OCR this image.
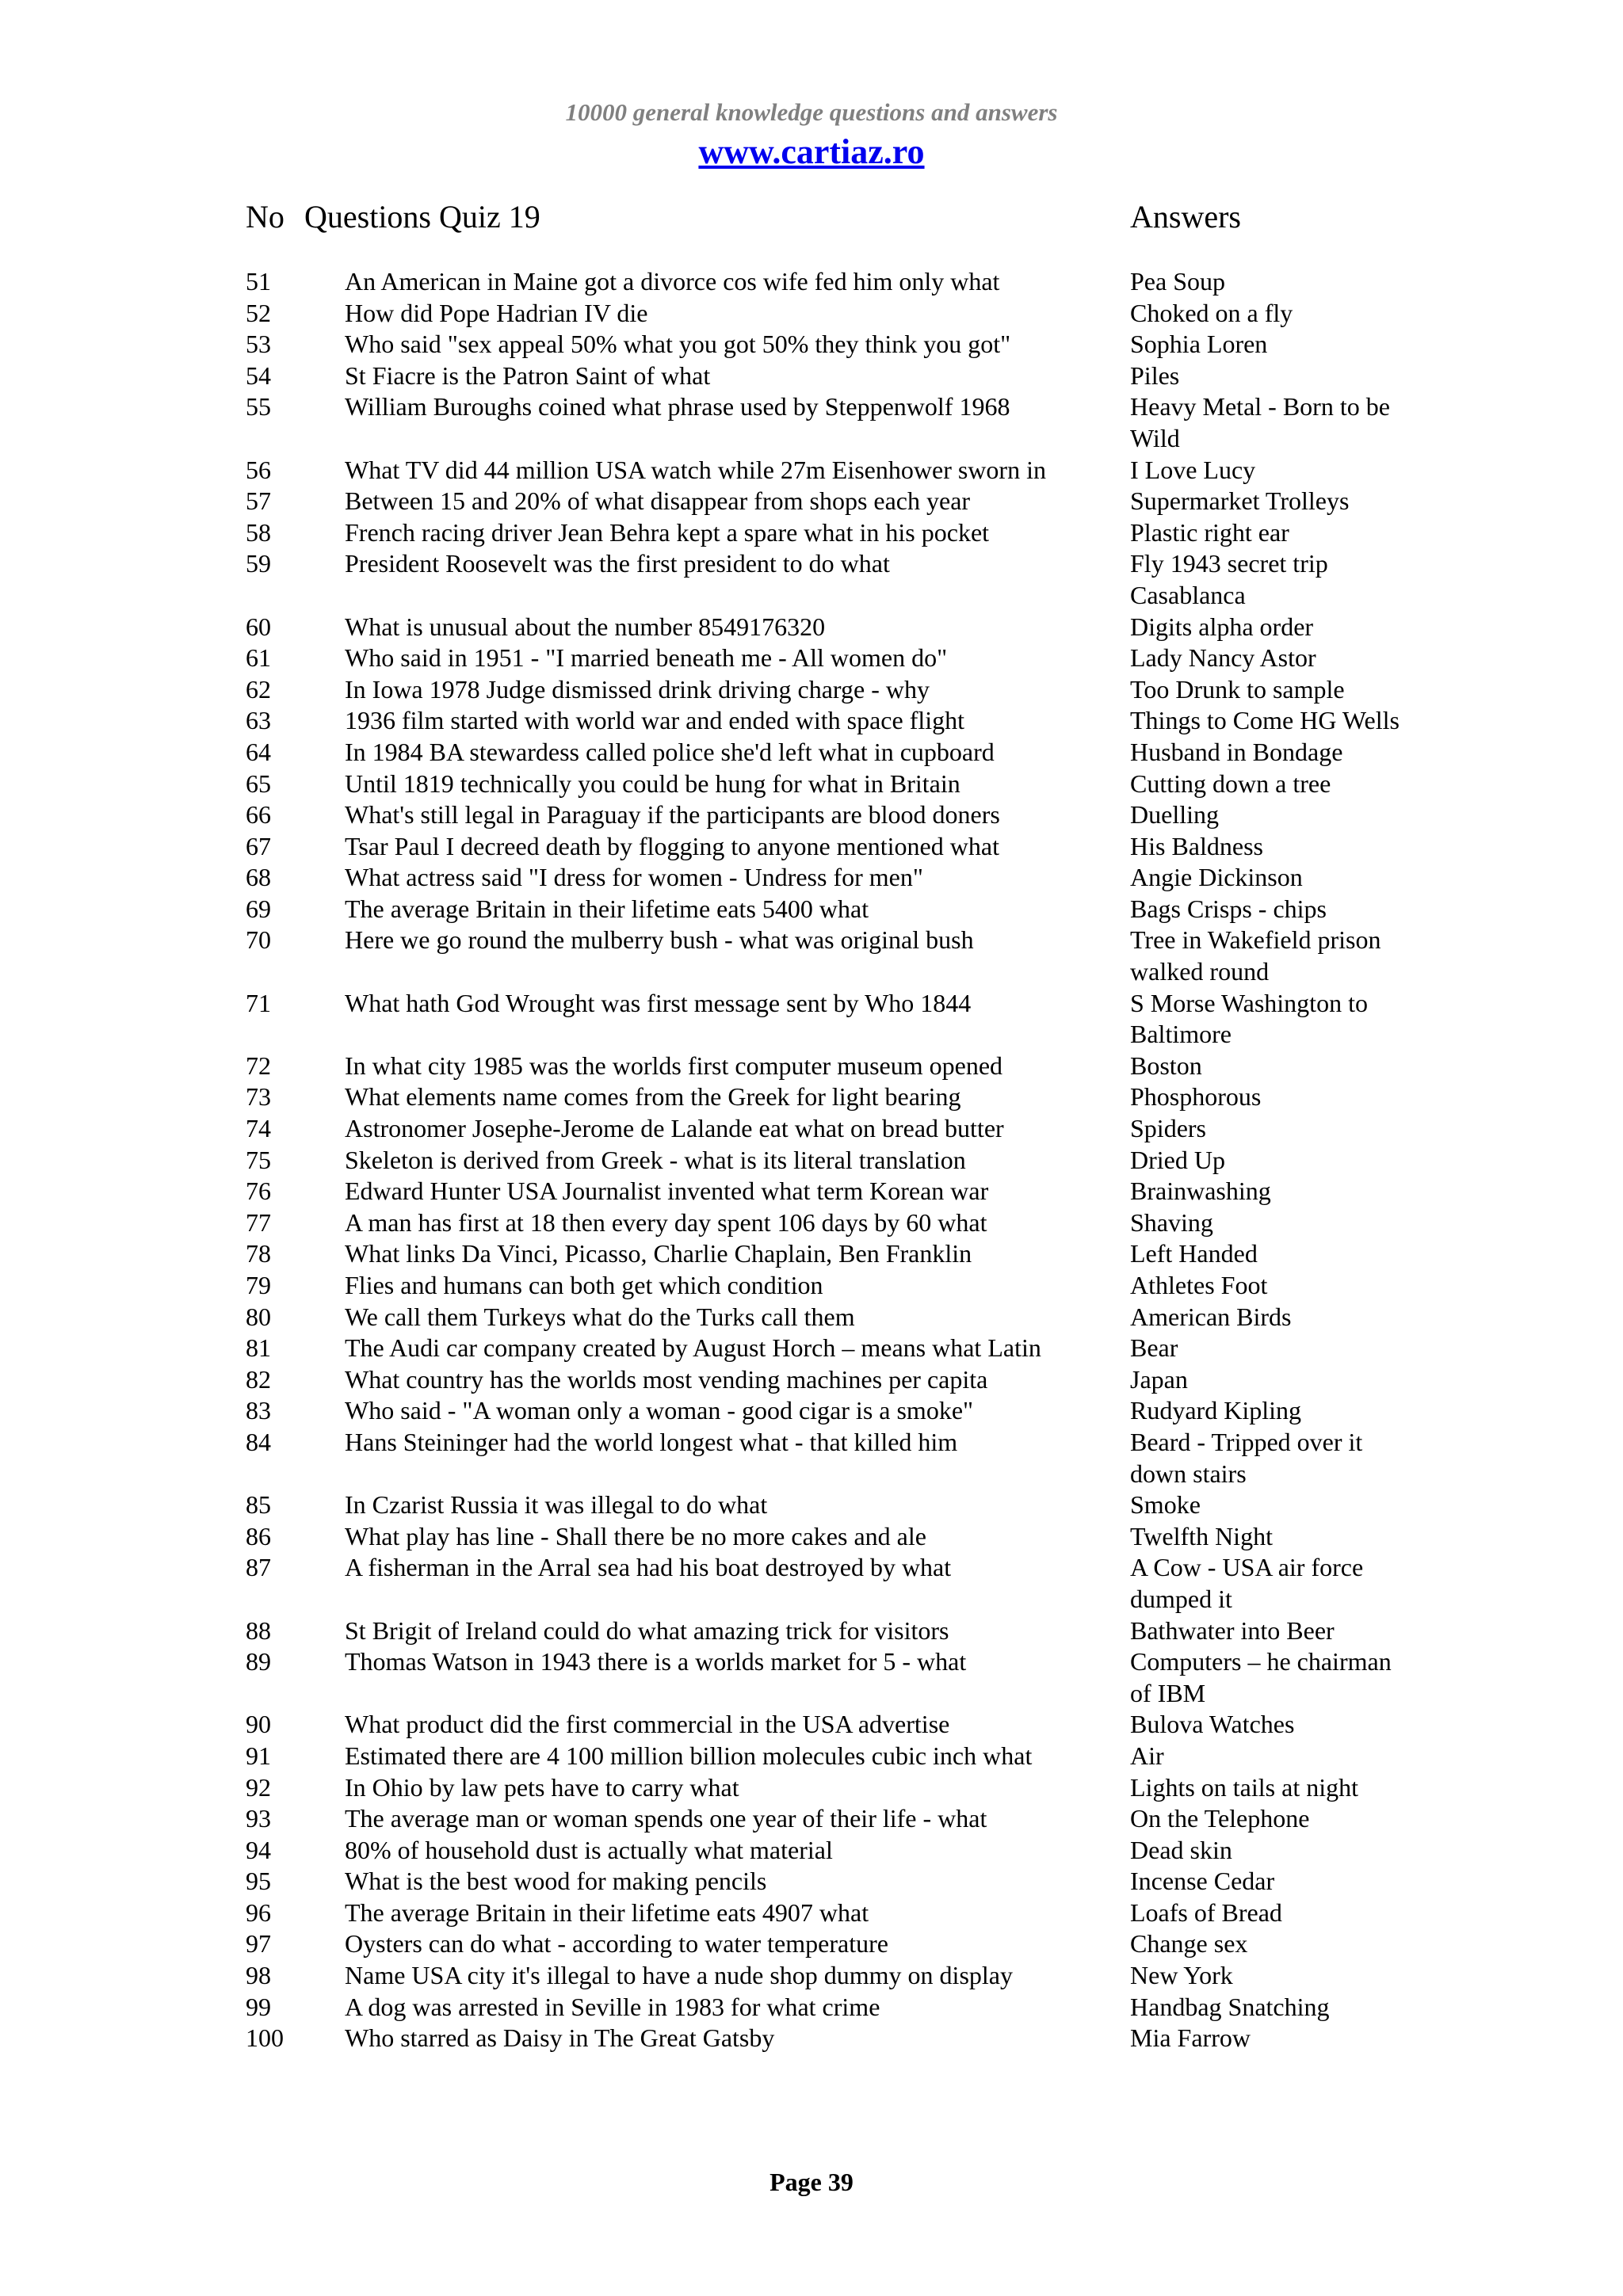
10000 general knowledge questions and answers
www.cartiaz.ro
No Questions Quiz 19	Answers
51	An American in Maine got a divorce cos wife fed him only what	Pea Soup
52	How did Pope Hadrian IV die	Choked on a fly
53	Who said "sex appeal 50% what you got 50% they think you got"	Sophia Loren
54	St Fiacre is the Patron Saint of what	Piles
55	William Buroughs coined what phrase used by Steppenwolf 1968	Heavy Metal - Born to be Wild
56	What TV did 44 million USA watch while 27m Eisenhower sworn in	I Love Lucy
57	Between 15 and 20% of what disappear from shops each year	Supermarket Trolleys
58	French racing driver Jean Behra kept a spare what in his pocket	Plastic right ear
59	President Roosevelt was the first president to do what	Fly 1943 secret trip Casablanca
60	What is unusual about the number 8549176320	Digits alpha order
61	Who said in 1951 - "I married beneath me - All women do"	Lady Nancy Astor
62	In Iowa 1978 Judge dismissed drink driving charge - why	Too Drunk to sample
63	1936 film started with world war and ended with space flight	Things to Come HG Wells
64	In 1984 BA stewardess called police she'd left what in cupboard	Husband in Bondage
65	Until 1819 technically you could be hung for what in Britain	Cutting down a tree
66	What's still legal in Paraguay if the participants are blood doners	Duelling
67	Tsar Paul I decreed death by flogging to anyone mentioned what	His Baldness
68	What actress said "I dress for women - Undress for men"	Angie Dickinson
69	The average Britain in their lifetime eats 5400 what	Bags Crisps - chips
70	Here we go round the mulberry bush - what was original bush	Tree in Wakefield prison walked round
71	What hath God Wrought was first message sent by Who 1844	S Morse Washington to Baltimore
72	In what city 1985 was the worlds first computer museum opened	Boston
73	What elements name comes from the Greek for light bearing	Phosphorous
74	Astronomer Josephe-Jerome de Lalande eat what on bread butter	Spiders
75	Skeleton is derived from Greek - what is its literal translation	Dried Up
76	Edward Hunter USA Journalist invented what term Korean war	Brainwashing
77	A man has first at 18 then every day spent 106 days by 60 what	Shaving
78	What links Da Vinci, Picasso, Charlie Chaplain, Ben Franklin	Left Handed
79	Flies and humans can both get which condition	Athletes Foot
80	We call them Turkeys what do the Turks call them	American Birds
81	The Audi car company created by August Horch – means what Latin	Bear
82	What country has the worlds most vending machines per capita	Japan
83	Who said - "A woman only a woman - good cigar is a smoke"	Rudyard Kipling
84	Hans Steininger had the world longest what - that killed him	Beard - Tripped over it down stairs
85	In Czarist Russia it was illegal to do what	Smoke
86	What play has line - Shall there be no more cakes and ale	Twelfth Night
87	A fisherman in the Arral sea had his boat destroyed by what	A Cow - USA air force dumped it
88	St Brigit of Ireland could do what amazing trick for visitors	Bathwater into Beer
89	Thomas Watson in 1943 there is a worlds market for 5 - what	Computers – he chairman of IBM
90	What product did the first commercial in the USA advertise	Bulova Watches
91	Estimated there are 4 100 million billion molecules cubic inch what	Air
92	In Ohio by law pets have to carry what	Lights on tails at night
93	The average man or woman spends one year of their life - what	On the Telephone
94	80% of household dust is actually what material	Dead skin
95	What is the best wood for making pencils	Incense Cedar
96	The average Britain in their lifetime eats 4907 what	Loafs of Bread
97	Oysters can do what - according to water temperature	Change sex
98	Name USA city it's illegal to have a nude shop dummy on display	New York
99	A dog was arrested in Seville in 1983 for what crime	Handbag Snatching
100	Who starred as Daisy in The Great Gatsby	Mia Farrow
Page 39
